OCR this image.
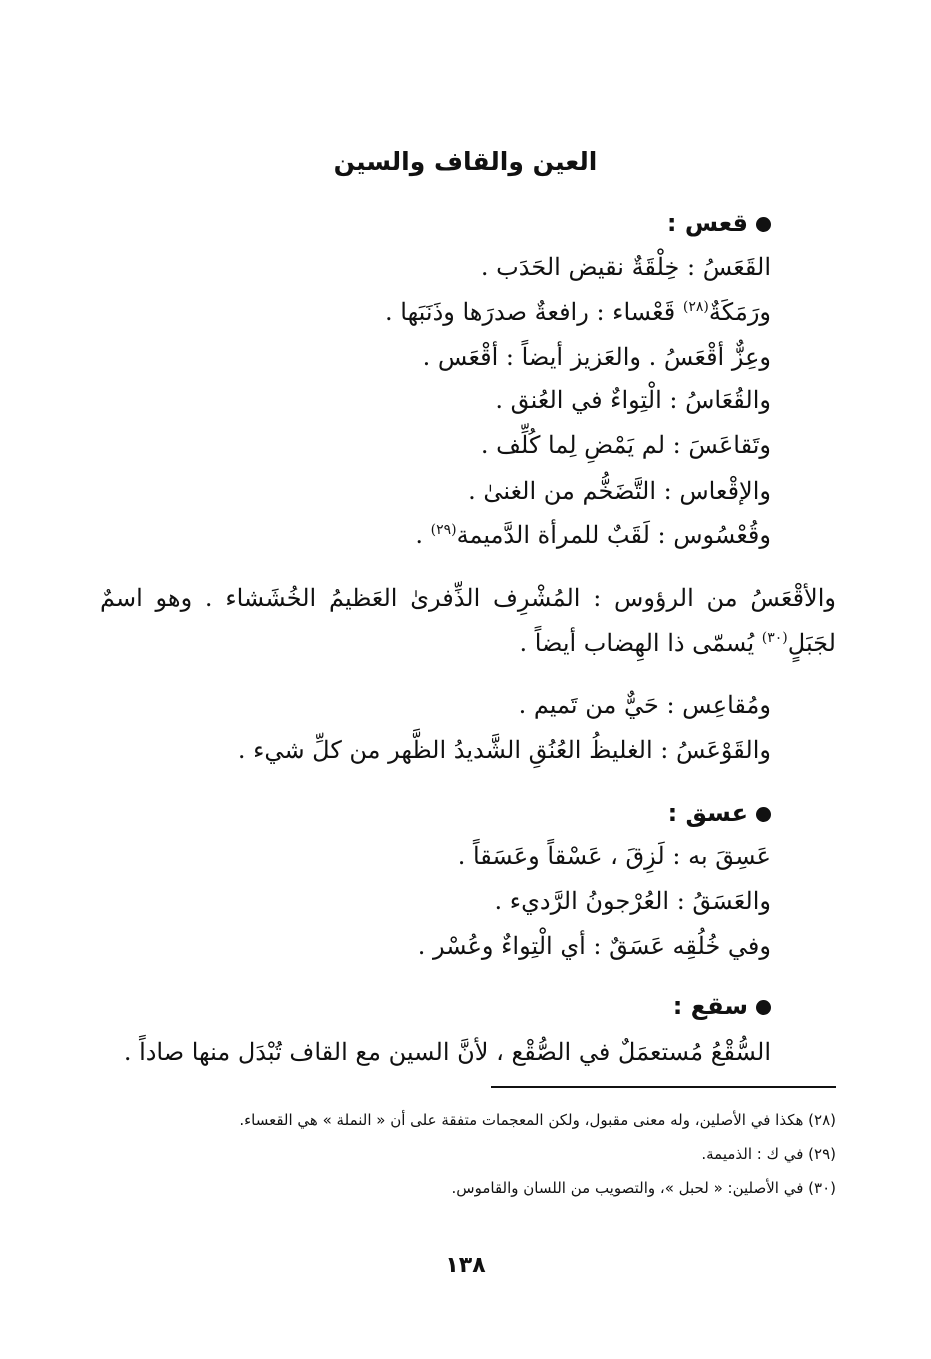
العين والقاف والسين
قعس :
القَعَسُ : خِلْقَةٌ نقيض الحَدَب .
ورَمَكَةٌ$^{(٢٨)}$ قَعْساء : رافعةٌ صدرَها وذَنَبَها .
وعِزٌّ أقْعَسُ . والعَزيز أيضاً : أقْعَس .
والقُعَاسُ : الْتِواءٌ في العُنق .
وتَقاعَسَ : لم يَمْضِ لِما كُلِّف .
والإقْعاس : التَّضَخُّم من الغنىٰ .
وقُعْسُوس : لَقَبٌ للمرأة الدَّميمة$^{(٢٩)}$ .
والأقْعَسُ من الرؤوس : المُشْرِف الذِّفرىٰ العَظيمُ الخُشَشاء . وهو اسمٌ
لجَبَلٍ$^{(٣٠)}$ يُسمّى ذا الهِضاب أيضاً .
ومُقاعِس : حَيٌّ من تَميم .
والقَوْعَسُ : الغليظُ العُنُقِ الشَّديدُ الظَّهر من كلِّ شيء .
عسق :
عَسِقَ به : لَزِقَ ، عَسْقاً وعَسَقاً .
والعَسَقُ : العُرْجونُ الرَّديء .
وفي خُلُقِه عَسَقٌ : أي الْتِواءٌ وعُسْر .
سقع :
السُّقْعُ مُستعمَلٌ في الصُّقْع ، لأنَّ السين مع القاف تُبْدَل منها صاداً .
(٢٨) هكذا في الأصلين، وله معنى مقبول، ولكن المعجمات متفقة على أن « النملة » هي القعساء.
(٢٩) في ك : الذميمة.
(٣٠) في الأصلين: « لحبل »، والتصويب من اللسان والقاموس.
١٣٨
